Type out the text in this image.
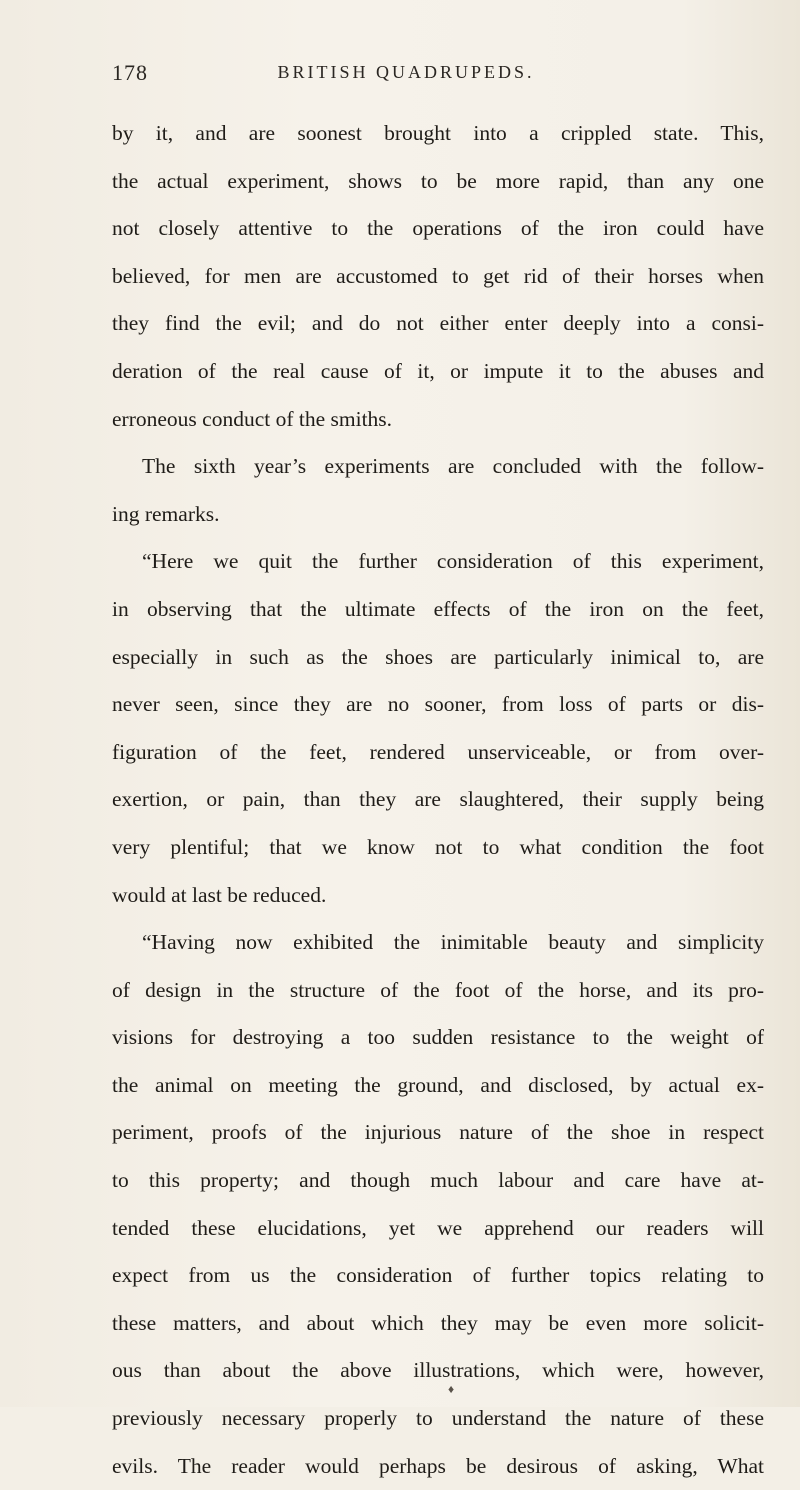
178	BRITISH QUADRUPEDS.
by it, and are soonest brought into a crippled state. This,
the actual experiment, shows to be more rapid, than any one
not closely attentive to the operations of the iron could have
believed, for men are accustomed to get rid of their horses when
they find the evil; and do not either enter deeply into a consi-
deration of the real cause of it, or impute it to the abuses and
erroneous conduct of the smiths.
The sixth year’s experiments are concluded with the follow-
ing remarks.
“Here we quit the further consideration of this experiment,
in observing that the ultimate effects of the iron on the feet,
especially in such as the shoes are particularly inimical to, are
never seen, since they are no sooner, from loss of parts or dis-
figuration of the feet, rendered unserviceable, or from over-
exertion, or pain, than they are slaughtered, their supply being
very plentiful; that we know not to what condition the foot
would at last be reduced.
“Having now exhibited the inimitable beauty and simplicity
of design in the structure of the foot of the horse, and its pro-
visions for destroying a too sudden resistance to the weight of
the animal on meeting the ground, and disclosed, by actual ex-
periment, proofs of the injurious nature of the shoe in respect
to this property; and though much labour and care have at-
tended these elucidations, yet we apprehend our readers will
expect from us the consideration of further topics relating to
these matters, and about which they may be even more solicit-
ous than about the above illustrations, which were, however,
previously necessary properly to understand the nature of these
evils. The reader would perhaps be desirous of asking, What
♦
